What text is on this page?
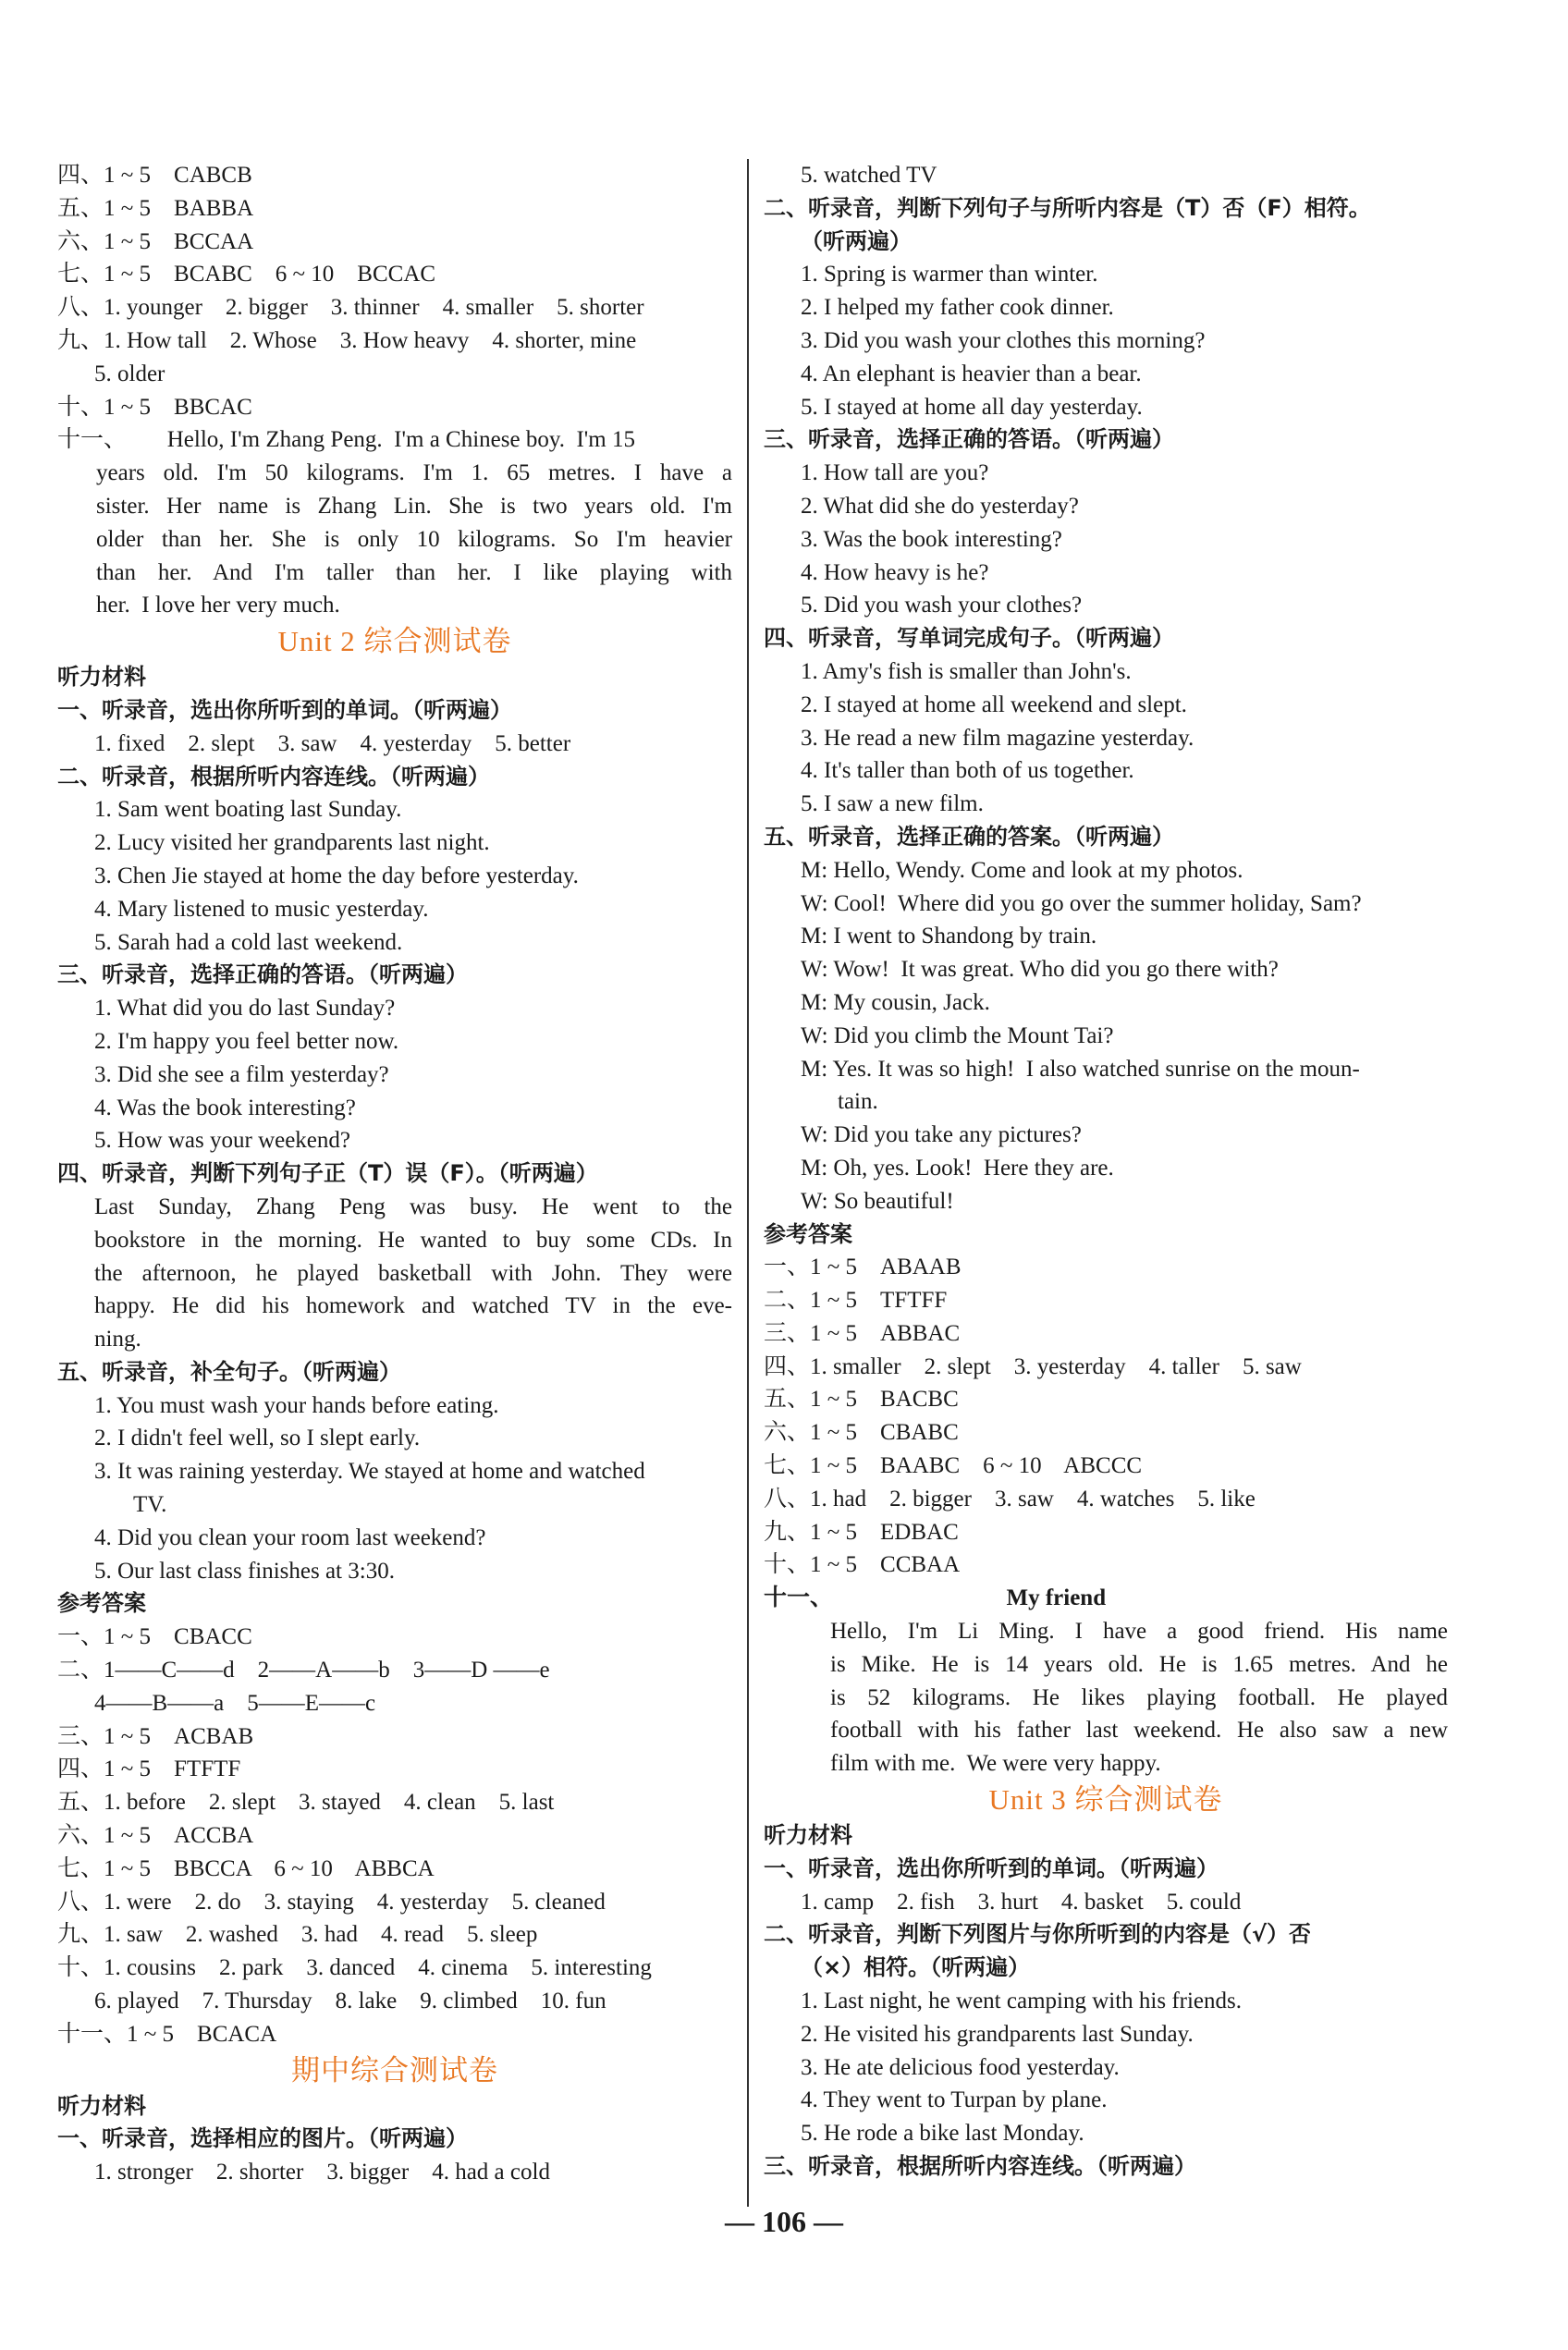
四、1 ~ 5    CABCB
五、1 ~ 5    BABBA
六、1 ~ 5    BCCAA
七、1 ~ 5    BCABC    6 ~ 10    BCCAC
八、1. younger    2. bigger    3. thinner    4. smaller    5. shorter
九、1. How tall    2. Whose    3. How heavy    4. shorter, mine
5. older
十、1 ~ 5    BBCAC
十一、       Hello, I'm Zhang Peng.  I'm a Chinese boy.  I'm 15
years old. I'm 50 kilograms. I'm 1. 65 metres. I have a
sister. Her name is Zhang Lin. She is two years old. I'm
older than her. She is only 10 kilograms. So I'm heavier
than her. And I'm taller than her. I like playing with
her.  I love her very much.
Unit 2 综合测试卷
听力材料
一、听录音，选出你所听到的单词。（听两遍）
1. fixed    2. slept    3. saw    4. yesterday    5. better
二、听录音，根据所听内容连线。（听两遍）
1. Sam went boating last Sunday.
2. Lucy visited her grandparents last night.
3. Chen Jie stayed at home the day before yesterday.
4. Mary listened to music yesterday.
5. Sarah had a cold last weekend.
三、听录音，选择正确的答语。（听两遍）
1. What did you do last Sunday?
2. I'm happy you feel better now.
3. Did she see a film yesterday?
4. Was the book interesting?
5. How was your weekend?
四、听录音，判断下列句子正（T）误（F）。（听两遍）
Last Sunday, Zhang Peng was busy. He went to the
bookstore in the morning. He wanted to buy some CDs. In
the afternoon, he played basketball with John. They were
happy. He did his homework and watched TV in the eve-
ning.
五、听录音，补全句子。（听两遍）
1. You must wash your hands before eating.
2. I didn't feel well, so I slept early.
3. It was raining yesterday. We stayed at home and watched
TV.
4. Did you clean your room last weekend?
5. Our last class finishes at 3:30.
参考答案
一、1 ~ 5    CBACC
二、1——C——d    2——A——b    3——D ——e
4——B——a    5——E——c
三、1 ~ 5    ACBAB
四、1 ~ 5    FTFTF
五、1. before    2. slept    3. stayed    4. clean    5. last
六、1 ~ 5    ACCBA
七、1 ~ 5    BBCCA    6 ~ 10    ABBCA
八、1. were    2. do    3. staying    4. yesterday    5. cleaned
九、1. saw    2. washed    3. had    4. read    5. sleep
十、1. cousins    2. park    3. danced    4. cinema    5. interesting
6. played    7. Thursday    8. lake    9. climbed    10. fun
十一、1 ~ 5    BCACA
期中综合测试卷
听力材料
一、听录音，选择相应的图片。（听两遍）
1. stronger    2. shorter    3. bigger    4. had a cold
5. watched TV
二、听录音，判断下列句子与所听内容是（T）否（F）相符。
（听两遍）
1. Spring is warmer than winter.
2. I helped my father cook dinner.
3. Did you wash your clothes this morning?
4. An elephant is heavier than a bear.
5. I stayed at home all day yesterday.
三、听录音，选择正确的答语。（听两遍）
1. How tall are you?
2. What did she do yesterday?
3. Was the book interesting?
4. How heavy is he?
5. Did you wash your clothes?
四、听录音，写单词完成句子。（听两遍）
1. Amy's fish is smaller than John's.
2. I stayed at home all weekend and slept.
3. He read a new film magazine yesterday.
4. It's taller than both of us together.
5. I saw a new film.
五、听录音，选择正确的答案。（听两遍）
M: Hello, Wendy. Come and look at my photos.
W: Cool!  Where did you go over the summer holiday, Sam?
M: I went to Shandong by train.
W: Wow!  It was great. Who did you go there with?
M: My cousin, Jack.
W: Did you climb the Mount Tai?
M: Yes. It was so high!  I also watched sunrise on the moun-
tain.
W: Did you take any pictures?
M: Oh, yes. Look!  Here they are.
W: So beautiful!
参考答案
一、1 ~ 5    ABAAB
二、1 ~ 5    TFTFF
三、1 ~ 5    ABBAC
四、1. smaller    2. slept    3. yesterday    4. taller    5. saw
五、1 ~ 5    BACBC
六、1 ~ 5    CBABC
七、1 ~ 5    BAABC    6 ~ 10    ABCCC
八、1. had    2. bigger    3. saw    4. watches    5. like
九、1 ~ 5    EDBAC
十、1 ~ 5    CCBAA
十一、                              My friend
Hello, I'm Li Ming. I have a good friend. His name
is Mike. He is 14 years old. He is 1.65 metres. And he
is 52 kilograms. He likes playing football. He played
football with his father last weekend. He also saw a new
film with me.  We were very happy.
Unit 3 综合测试卷
听力材料
一、听录音，选出你所听到的单词。（听两遍）
1. camp    2. fish    3. hurt    4. basket    5. could
二、听录音，判断下列图片与你所听到的内容是（√）否
（×）相符。（听两遍）
1. Last night, he went camping with his friends.
2. He visited his grandparents last Sunday.
3. He ate delicious food yesterday.
4. They went to Turpan by plane.
5. He rode a bike last Monday.
三、听录音，根据所听内容连线。（听两遍）
— 106 —
